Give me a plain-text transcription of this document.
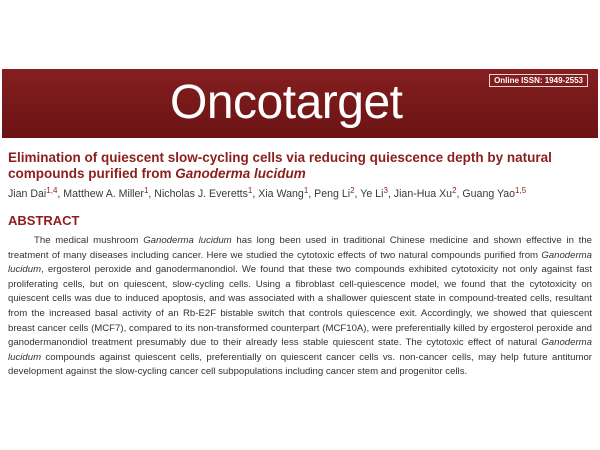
Online ISSN: 1949-2553
Oncotarget
Elimination of quiescent slow-cycling cells via reducing quiescence depth by natural compounds purified from Ganoderma lucidum
Jian Dai$^{1,4}$, Matthew A. Miller$^1$, Nicholas J. Everetts$^1$, Xia Wang$^1$, Peng Li$^2$, Ye Li$^3$, Jian-Hua Xu$^2$, Guang Yao$^{1,5}$
ABSTRACT

The medical mushroom Ganoderma lucidum has long been used in traditional Chinese medicine and shown effective in the treatment of many diseases including cancer. Here we studied the cytotoxic effects of two natural compounds purified from Ganoderma lucidum, ergosterol peroxide and ganodermanondiol. We found that these two compounds exhibited cytotoxicity not only against fast proliferating cells, but on quiescent, slow-cycling cells. Using a fibroblast cell-quiescence model, we found that the cytotoxicity on quiescent cells was due to induced apoptosis, and was associated with a shallower quiescent state in compound-treated cells, resultant from the increased basal activity of an Rb-E2F bistable switch that controls quiescence exit. Accordingly, we showed that quiescent breast cancer cells (MCF7), compared to its non-transformed counterpart (MCF10A), were preferentially killed by ergosterol peroxide and ganodermanondiol treatment presumably due to their already less stable quiescent state. The cytotoxic effect of natural Ganoderma lucidum compounds against quiescent cells, preferentially on quiescent cancer cells vs. non-cancer cells, may help future antitumor development against the slow-cycling cancer cell subpopulations including cancer stem and progenitor cells.
